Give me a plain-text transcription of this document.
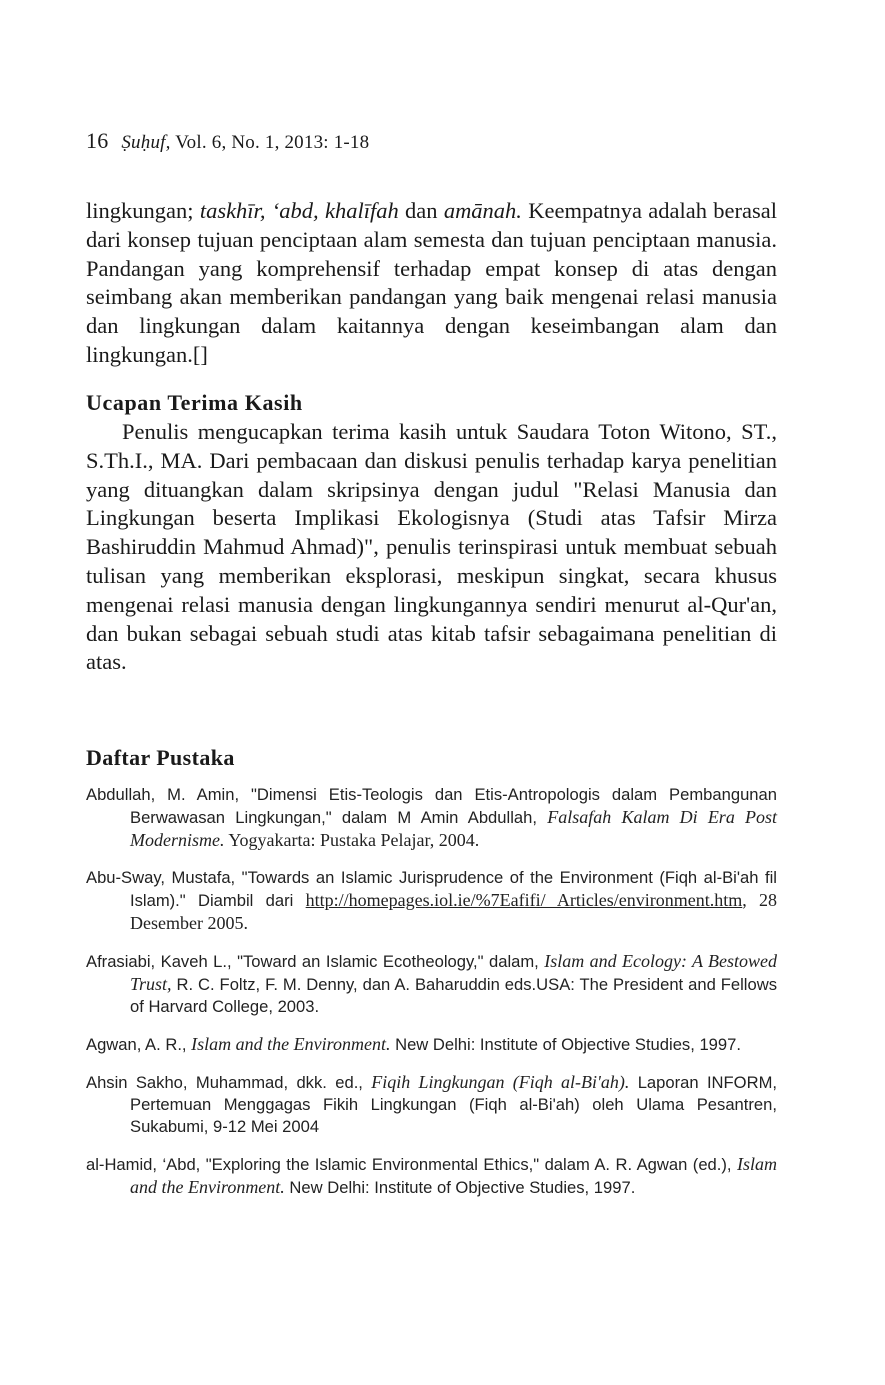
16 Ṣuḥuf, Vol. 6, No. 1, 2013: 1-18

lingkungan; taskhīr, ‘abd, khalīfah dan amānah. Keempatnya adalah berasal dari konsep tujuan penciptaan alam semesta dan tujuan penciptaan manusia. Pandangan yang komprehensif terhadap empat konsep di atas dengan seimbang akan memberikan pandangan yang baik mengenai relasi manusia dan lingkungan dalam kaitannya dengan keseimbangan alam dan lingkungan.[]

Ucapan Terima Kasih

Penulis mengucapkan terima kasih untuk Saudara Toton Witono, ST., S.Th.I., MA. Dari pembacaan dan diskusi penulis terhadap karya penelitian yang dituangkan dalam skripsinya dengan judul "Relasi Manusia dan Lingkungan beserta Implikasi Ekologisnya (Studi atas Tafsir Mirza Bashiruddin Mahmud Ahmad)", penulis terinspirasi untuk membuat sebuah tulisan yang memberikan eksplorasi, meskipun singkat, secara khusus mengenai relasi manusia dengan lingkungannya sendiri menurut al-Qur'an, dan bukan sebagai sebuah studi atas kitab tafsir sebagaimana penelitian di atas.

Daftar Pustaka

Abdullah, M. Amin, "Dimensi Etis-Teologis dan Etis-Antropologis dalam Pembangunan Berwawasan Lingkungan," dalam M Amin Abdullah, Falsafah Kalam Di Era Post Modernisme. Yogyakarta: Pustaka Pelajar, 2004.

Abu-Sway, Mustafa, "Towards an Islamic Jurisprudence of the Environment (Fiqh al-Bi'ah fil Islam)." Diambil dari http://homepages.iol.ie/%7Eafifi/ Articles/environment.htm, 28 Desember 2005.

Afrasiabi, Kaveh L., "Toward an Islamic Ecotheology," dalam, Islam and Ecology: A Bestowed Trust, R. C. Foltz, F. M. Denny, dan A. Baharuddin eds.USA: The President and Fellows of Harvard College, 2003.

Agwan, A. R., Islam and the Environment. New Delhi: Institute of Objective Studies, 1997.

Ahsin Sakho, Muhammad, dkk. ed., Fiqih Lingkungan (Fiqh al-Bi'ah). Laporan INFORM, Pertemuan Menggagas Fikih Lingkungan (Fiqh al-Bi'ah) oleh Ulama Pesantren, Sukabumi, 9-12 Mei 2004

al-Hamid, ‘Abd, "Exploring the Islamic Environmental Ethics," dalam A. R. Agwan (ed.), Islam and the Environment. New Delhi: Institute of Objective Studies, 1997.
